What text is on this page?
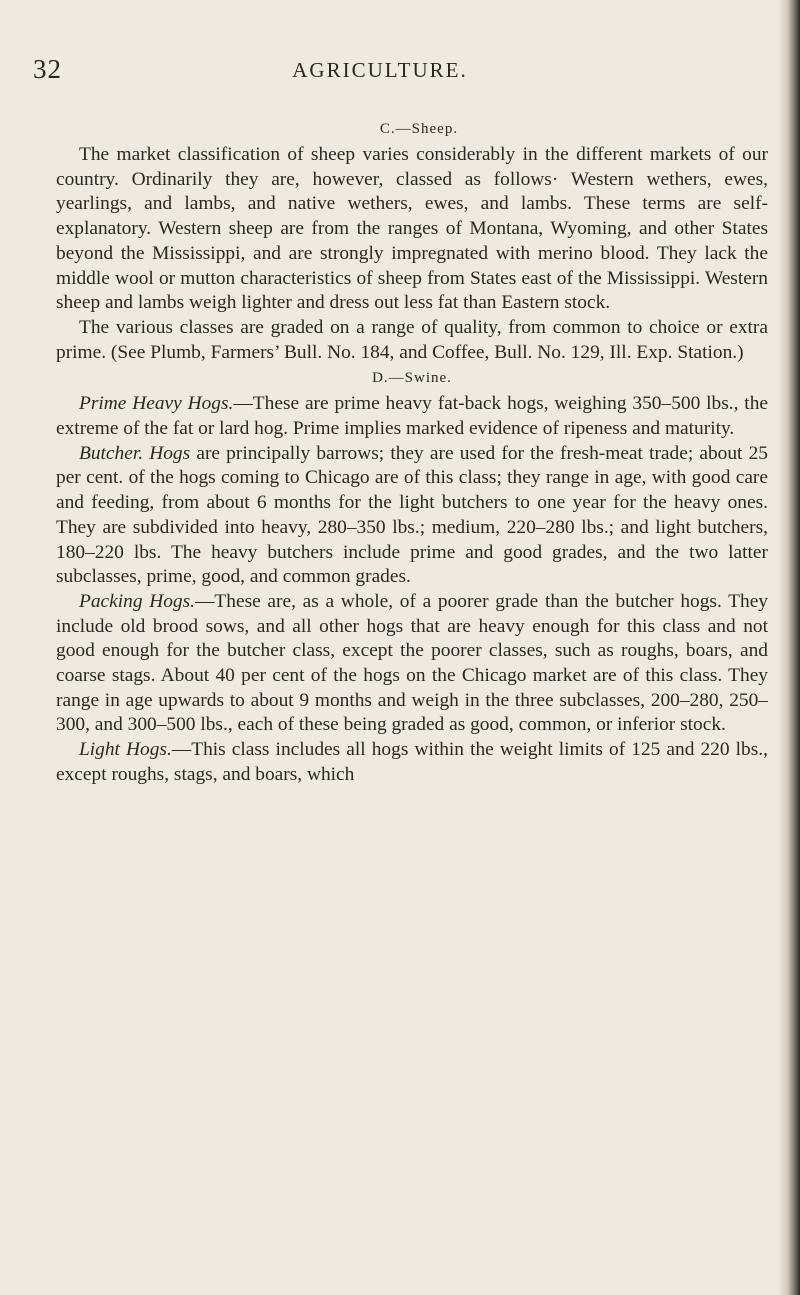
32	AGRICULTURE.
C.—Sheep.

The market classification of sheep varies considerably in the different markets of our country. Ordinarily they are, however, classed as follows· Western wethers, ewes, yearlings, and lambs, and native wethers, ewes, and lambs. These terms are self-explanatory. Western sheep are from the ranges of Montana, Wyoming, and other States beyond the Mississippi, and are strongly impregnated with merino blood. They lack the middle wool or mutton characteristics of sheep from States east of the Mississippi. Western sheep and lambs weigh lighter and dress out less fat than Eastern stock.

The various classes are graded on a range of quality, from common to choice or extra prime. (See Plumb, Farmers’ Bull. No. 184, and Coffee, Bull. No. 129, Ill. Exp. Station.)

D.—Swine.

Prime Heavy Hogs.—These are prime heavy fat-back hogs, weighing 350–500 lbs., the extreme of the fat or lard hog. Prime implies marked evidence of ripeness and maturity.

Butcher. Hogs are principally barrows; they are used for the fresh-meat trade; about 25 per cent. of the hogs coming to Chicago are of this class; they range in age, with good care and feeding, from about 6 months for the light butchers to one year for the heavy ones. They are subdivided into heavy, 280–350 lbs.; medium, 220–280 lbs.; and light butchers, 180–220 lbs. The heavy butchers include prime and good grades, and the two latter subclasses, prime, good, and common grades.

Packing Hogs.—These are, as a whole, of a poorer grade than the butcher hogs. They include old brood sows, and all other hogs that are heavy enough for this class and not good enough for the butcher class, except the poorer classes, such as roughs, boars, and coarse stags. About 40 per cent of the hogs on the Chicago market are of this class. They range in age upwards to about 9 months and weigh in the three subclasses, 200–280, 250–300, and 300–500 lbs., each of these being graded as good, common, or inferior stock.

Light Hogs.—This class includes all hogs within the weight limits of 125 and 220 lbs., except roughs, stags, and boars, which
